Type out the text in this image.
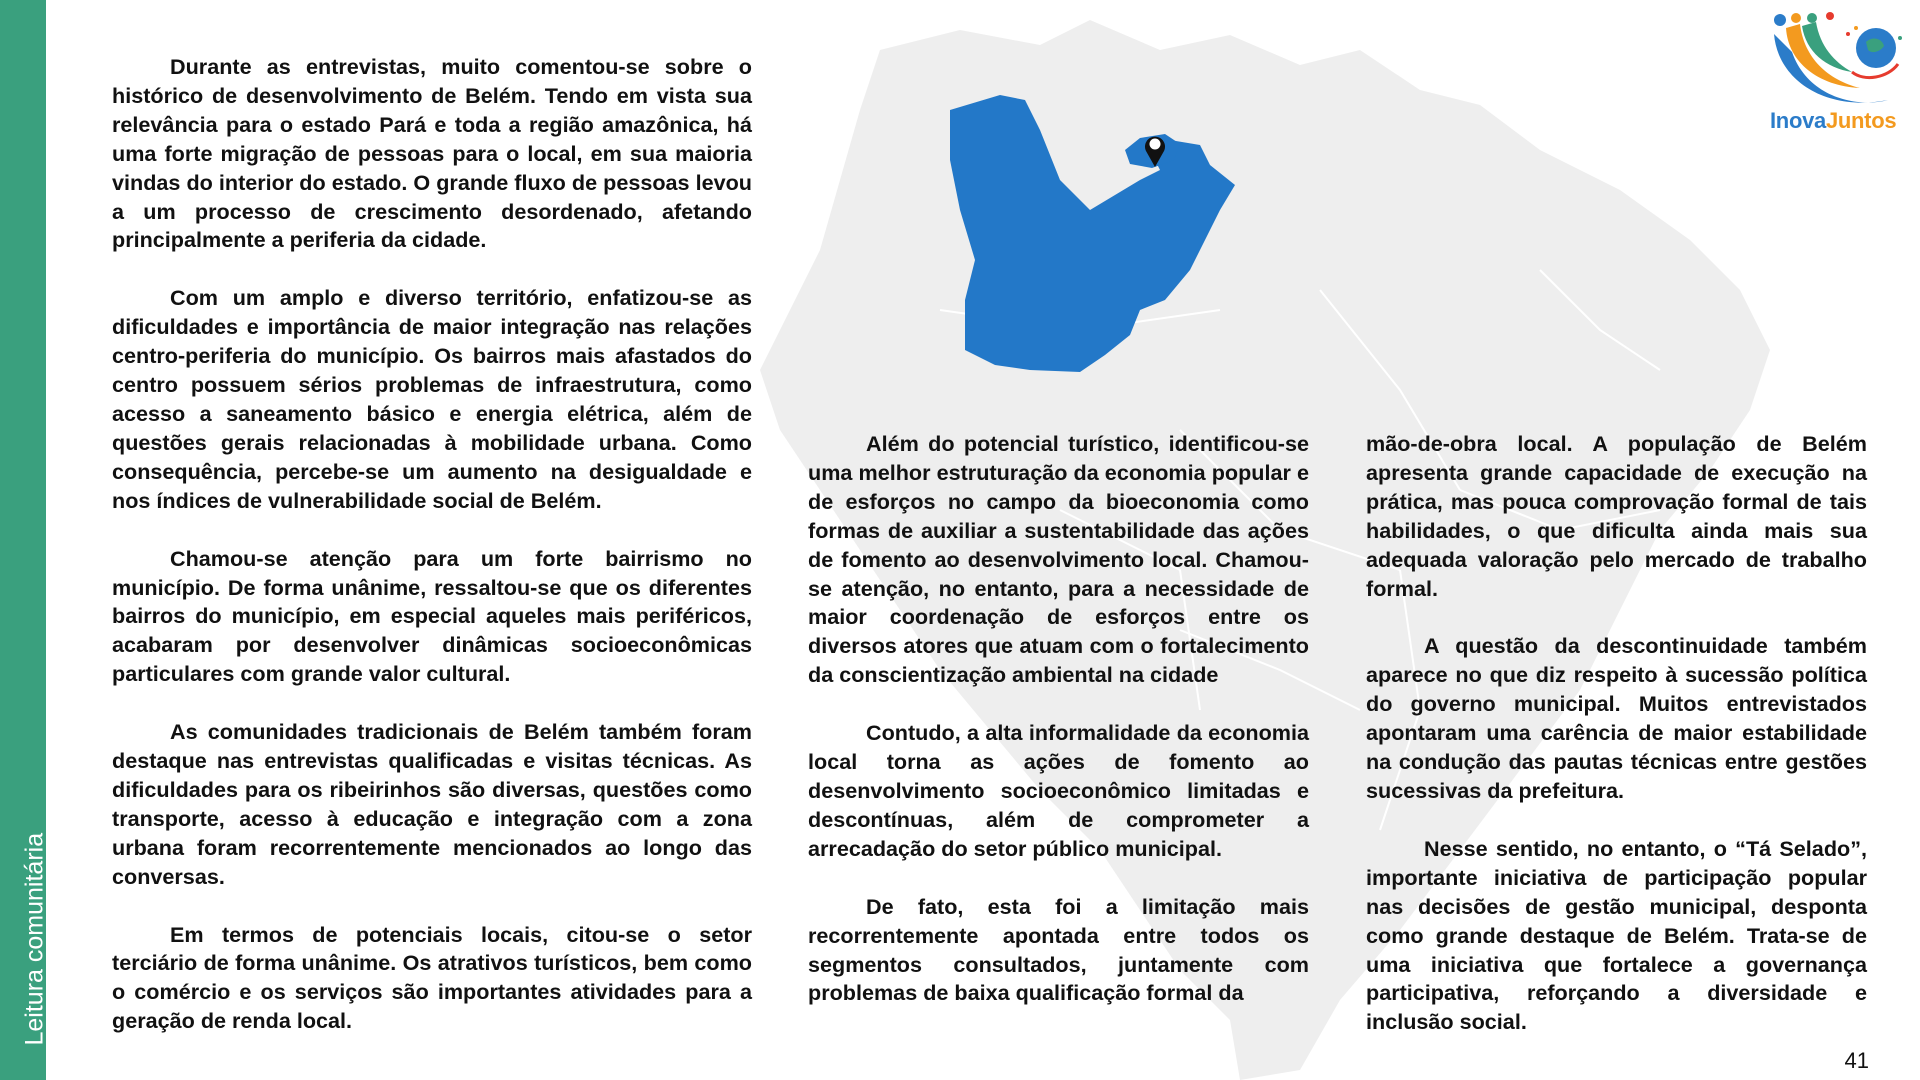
Leitura comunitária
InovaJuntos

Durante as entrevistas, muito comentou-se sobre o histórico de desenvolvimento de Belém. Tendo em vista sua relevância para o estado Pará e toda a região amazônica, há uma forte migração de pessoas para o local, em sua maioria vindas do interior do estado. O grande fluxo de pessoas levou a um processo de crescimento desordenado, afetando principalmente a periferia da cidade.

Com um amplo e diverso território, enfatizou-se as dificuldades e importância de maior integração nas relações centro-periferia do município. Os bairros mais afastados do centro possuem sérios problemas de infraestrutura, como acesso a saneamento básico e energia elétrica, além de questões gerais relacionadas à mobilidade urbana. Como consequência, percebe-se um aumento na desigualdade e nos índices de vulnerabilidade social de Belém.

Chamou-se atenção para um forte bairrismo no município. De forma unânime, ressaltou-se que os diferentes bairros do município, em especial aqueles mais periféricos, acabaram por desenvolver dinâmicas socioeconômicas particulares com grande valor cultural.

As comunidades tradicionais de Belém também foram destaque nas entrevistas qualificadas e visitas técnicas. As dificuldades para os ribeirinhos são diversas, questões como transporte, acesso à educação e integração com a zona urbana foram recorrentemente mencionados ao longo das conversas.

Em termos de potenciais locais, citou-se o setor terciário de forma unânime. Os atrativos turísticos, bem como o comércio e os serviços são importantes atividades para a geração de renda local.

Além do potencial turístico, identificou-se uma melhor estruturação da economia popular e de esforços no campo da bioeconomia como formas de auxiliar a sustentabilidade das ações de fomento ao desenvolvimento local. Chamou-se atenção, no entanto, para a necessidade de maior coordenação de esforços entre os diversos atores que atuam com o fortalecimento da conscientização ambiental na cidade

Contudo, a alta informalidade da economia local torna as ações de fomento ao desenvolvimento socioeconômico limitadas e descontínuas, além de comprometer a arrecadação do setor público municipal.

De fato, esta foi a limitação mais recorrentemente apontada entre todos os segmentos consultados, juntamente com problemas de baixa qualificação formal da

mão-de-obra local. A população de Belém apresenta grande capacidade de execução na prática, mas pouca comprovação formal de tais habilidades, o que dificulta ainda mais sua adequada valoração pelo mercado de trabalho formal.

A questão da descontinuidade também aparece no que diz respeito à sucessão política do governo municipal. Muitos entrevistados apontaram uma carência de maior estabilidade na condução das pautas técnicas entre gestões sucessivas da prefeitura.

Nesse sentido, no entanto, o “Tá Selado”, importante iniciativa de participação popular nas decisões de gestão municipal, desponta como grande destaque de Belém. Trata-se de uma iniciativa que fortalece a governança participativa, reforçando a diversidade e inclusão social.

41
